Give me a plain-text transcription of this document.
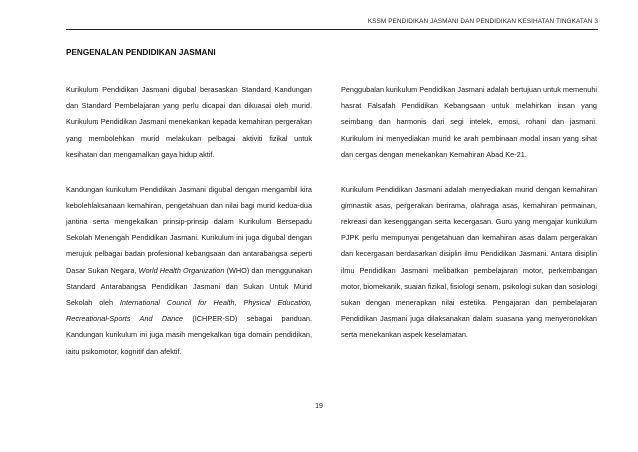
KSSM PENDIDIKAN JASMANI DAN PENDIDIKAN KESIHATAN TINGKATAN 3
PENGENALAN PENDIDIKAN JASMANI

Kurikulum Pendidikan Jasmani digubal berasaskan Standard Kandungan dan Standard Pembelajaran yang perlu dicapai dan dikuasai oleh murid. Kurikulum Pendidikan Jasmani menekankan kepada kemahiran pergerakan yang membolehkan murid melakukan pelbagai aktiviti fizikal untuk kesihatan dan mengamalkan gaya hidup aktif.

Kandungan kurikulum Pendidikan Jasmani digubal dengan mengambil kira kebolehlaksanaan kemahiran, pengetahuan dan nilai bagi murid kedua-dua jantina serta mengekalkan prinsip-prinsip dalam Kurikulum Bersepadu Sekolah Menengah Pendidikan Jasmani. Kurikulum ini juga digubal dengan merujuk pelbagai badan profesional kebangsaan dan antarabangsa seperti Dasar Sukan Negara, World Health Organization (WHO) dan menggunakan Standard Antarabangsa Pendidikan Jasmani dan Sukan Untuk Murid Sekolah oleh International Council for Health, Physical Education, Recreational-Sports And Dance (ICHPER-SD) sebagai panduan. Kandungan kurikulum ini juga masih mengekalkan tiga domain pendidikan, iaitu psikomotor, kognitif dan afektif.

Penggubalan kurikulum Pendidikan Jasmani adalah bertujuan untuk memenuhi hasrat Falsafah Pendidikan Kebangsaan untuk melahirkan insan yang seimbang dan harmonis dari segi intelek, emosi, rohani dan jasmani. Kurikulum ini menyediakan murid ke arah pembinaan modal insan yang sihat dan cergas dengan menekankan Kemahiran Abad Ke-21.

Kurikulum Pendidikan Jasmani adalah menyediakan murid dengan kemahiran gimnastik asas, pergerakan berirama, olahraga asas, kemahiran permainan, rekreasi dan kesenggangan serta kecergasan. Guru yang mengajar kurikulum PJPK perlu mempunyai pengetahuan dan kemahiran asas dalam pergerakan dan kecergasan berdasarkan disiplin ilmu Pendidikan Jasmani. Antara disiplin ilmu Pendidikan Jasmani melibatkan pembelajaran motor, perkembangan motor, biomekanik, suaian fizikal, fisiologi senam, psikologi sukan dan sosiologi sukan dengan menerapkan nilai estetika. Pengajaran dan pembelajaran Pendidikan Jasmani juga dilaksanakan dalam suasana yang menyeronokkan serta menekankan aspek keselamatan.

19
